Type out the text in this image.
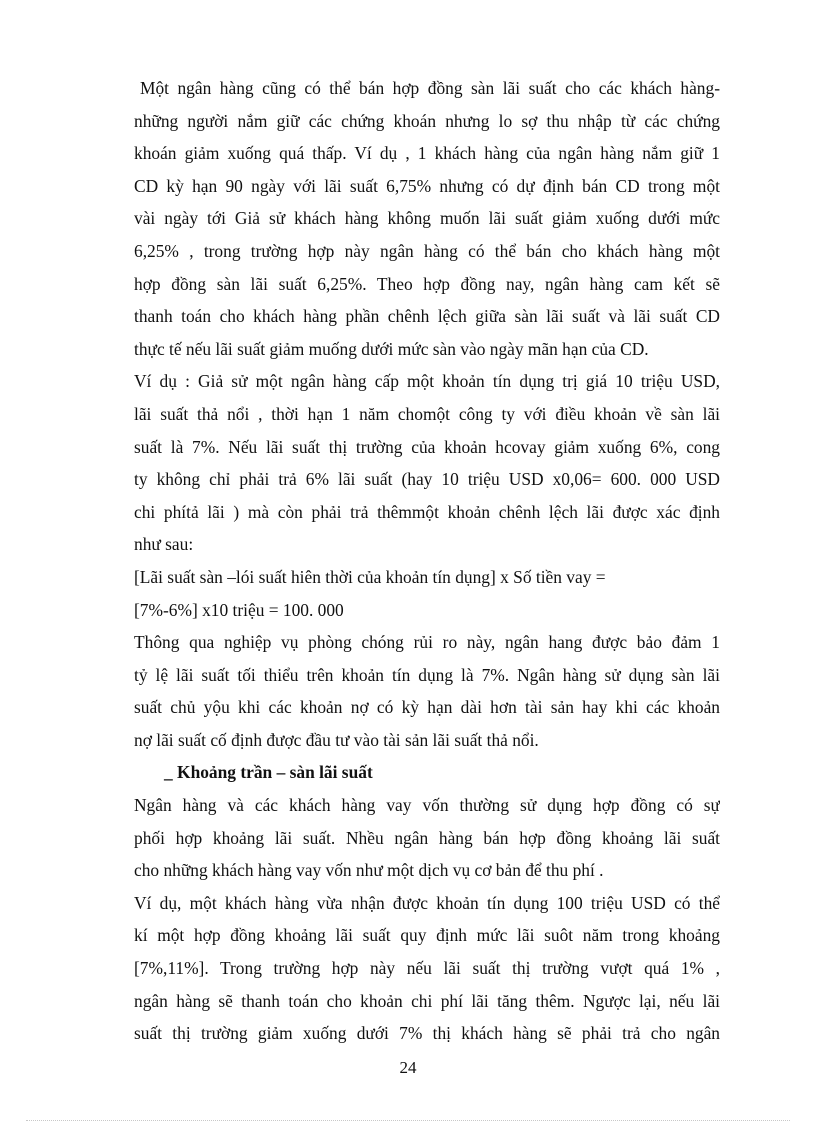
Một ngân hàng cũng có thể bán hợp đồng sàn lãi suất cho các khách hàng-
những người nắm giữ các chứng khoán nhưng lo sợ thu nhập từ các chứng
khoán giảm xuống quá thấp. Ví dụ , 1 khách hàng của ngân hàng nắm giữ 1
CD kỳ hạn 90 ngày với lãi suất 6,75% nhưng có dự định bán CD trong một
vài ngày tới Giả sử khách hàng không muốn lãi suất giảm xuống dưới mức
6,25% , trong trường hợp này ngân hàng có thể bán cho khách hàng một
hợp đồng sàn lãi suất 6,25%. Theo hợp đồng nay, ngân hàng cam kết sẽ
thanh toán cho khách hàng phần chênh lệch giữa sàn lãi suất và lãi suất CD
thực tế nếu lãi suất giảm muống dưới mức sàn vào ngày mãn hạn của CD.
Ví dụ : Giả sử một ngân hàng cấp một khoản tín dụng trị giá 10 triệu USD,
lãi suất thả nổi , thời hạn 1 năm chomột công ty với điều khoản về sàn lãi
suất là 7%. Nếu lãi suất thị trường của khoản hcovay giảm xuống 6%, cong
ty không chỉ phải trả 6% lãi suất (hay 10 triệu USD x0,06= 600. 000 USD
chi phítả lãi ) mà còn phải trả thêmmột khoản chênh lệch lãi được xác định
như sau:
[Lãi suất sàn –lói suất hiên thời của khoản tín dụng] x Số tiền vay =
[7%-6%] x10 triệu = 100. 000
Thông qua nghiệp vụ phòng chóng rủi ro này, ngân hang được bảo đảm 1
tỷ lệ lãi suất tối thiểu trên khoản tín dụng là 7%. Ngân hàng sử dụng sàn lãi
suất chủ yộu khi các khoản nợ có kỳ hạn dài hơn tài sản hay khi các khoản
nợ lãi suất cố định được đầu tư vào tài sản lãi suất thả nổi.
_ Khoảng trần – sàn lãi suất
Ngân hàng và các khách hàng vay vốn thường sử dụng hợp đồng có sự
phối hợp khoảng lãi suất. Nhều ngân hàng bán hợp đồng khoảng lãi suất
cho những khách hàng vay vốn như một dịch vụ cơ bản để thu phí .
Ví dụ, một khách hàng vừa nhận được khoản tín dụng 100 triệu USD có thể
kí một hợp đồng khoảng lãi suất quy định mức lãi suôt năm trong khoảng
[7%,11%]. Trong trường hợp này nếu lãi suất thị trường vượt quá 1% ,
ngân hàng sẽ thanh toán cho khoản chi phí lãi tăng thêm. Ngược lại, nếu lãi
suất thị trường giảm xuống dưới 7% thị khách hàng sẽ phải trả cho ngân
24
